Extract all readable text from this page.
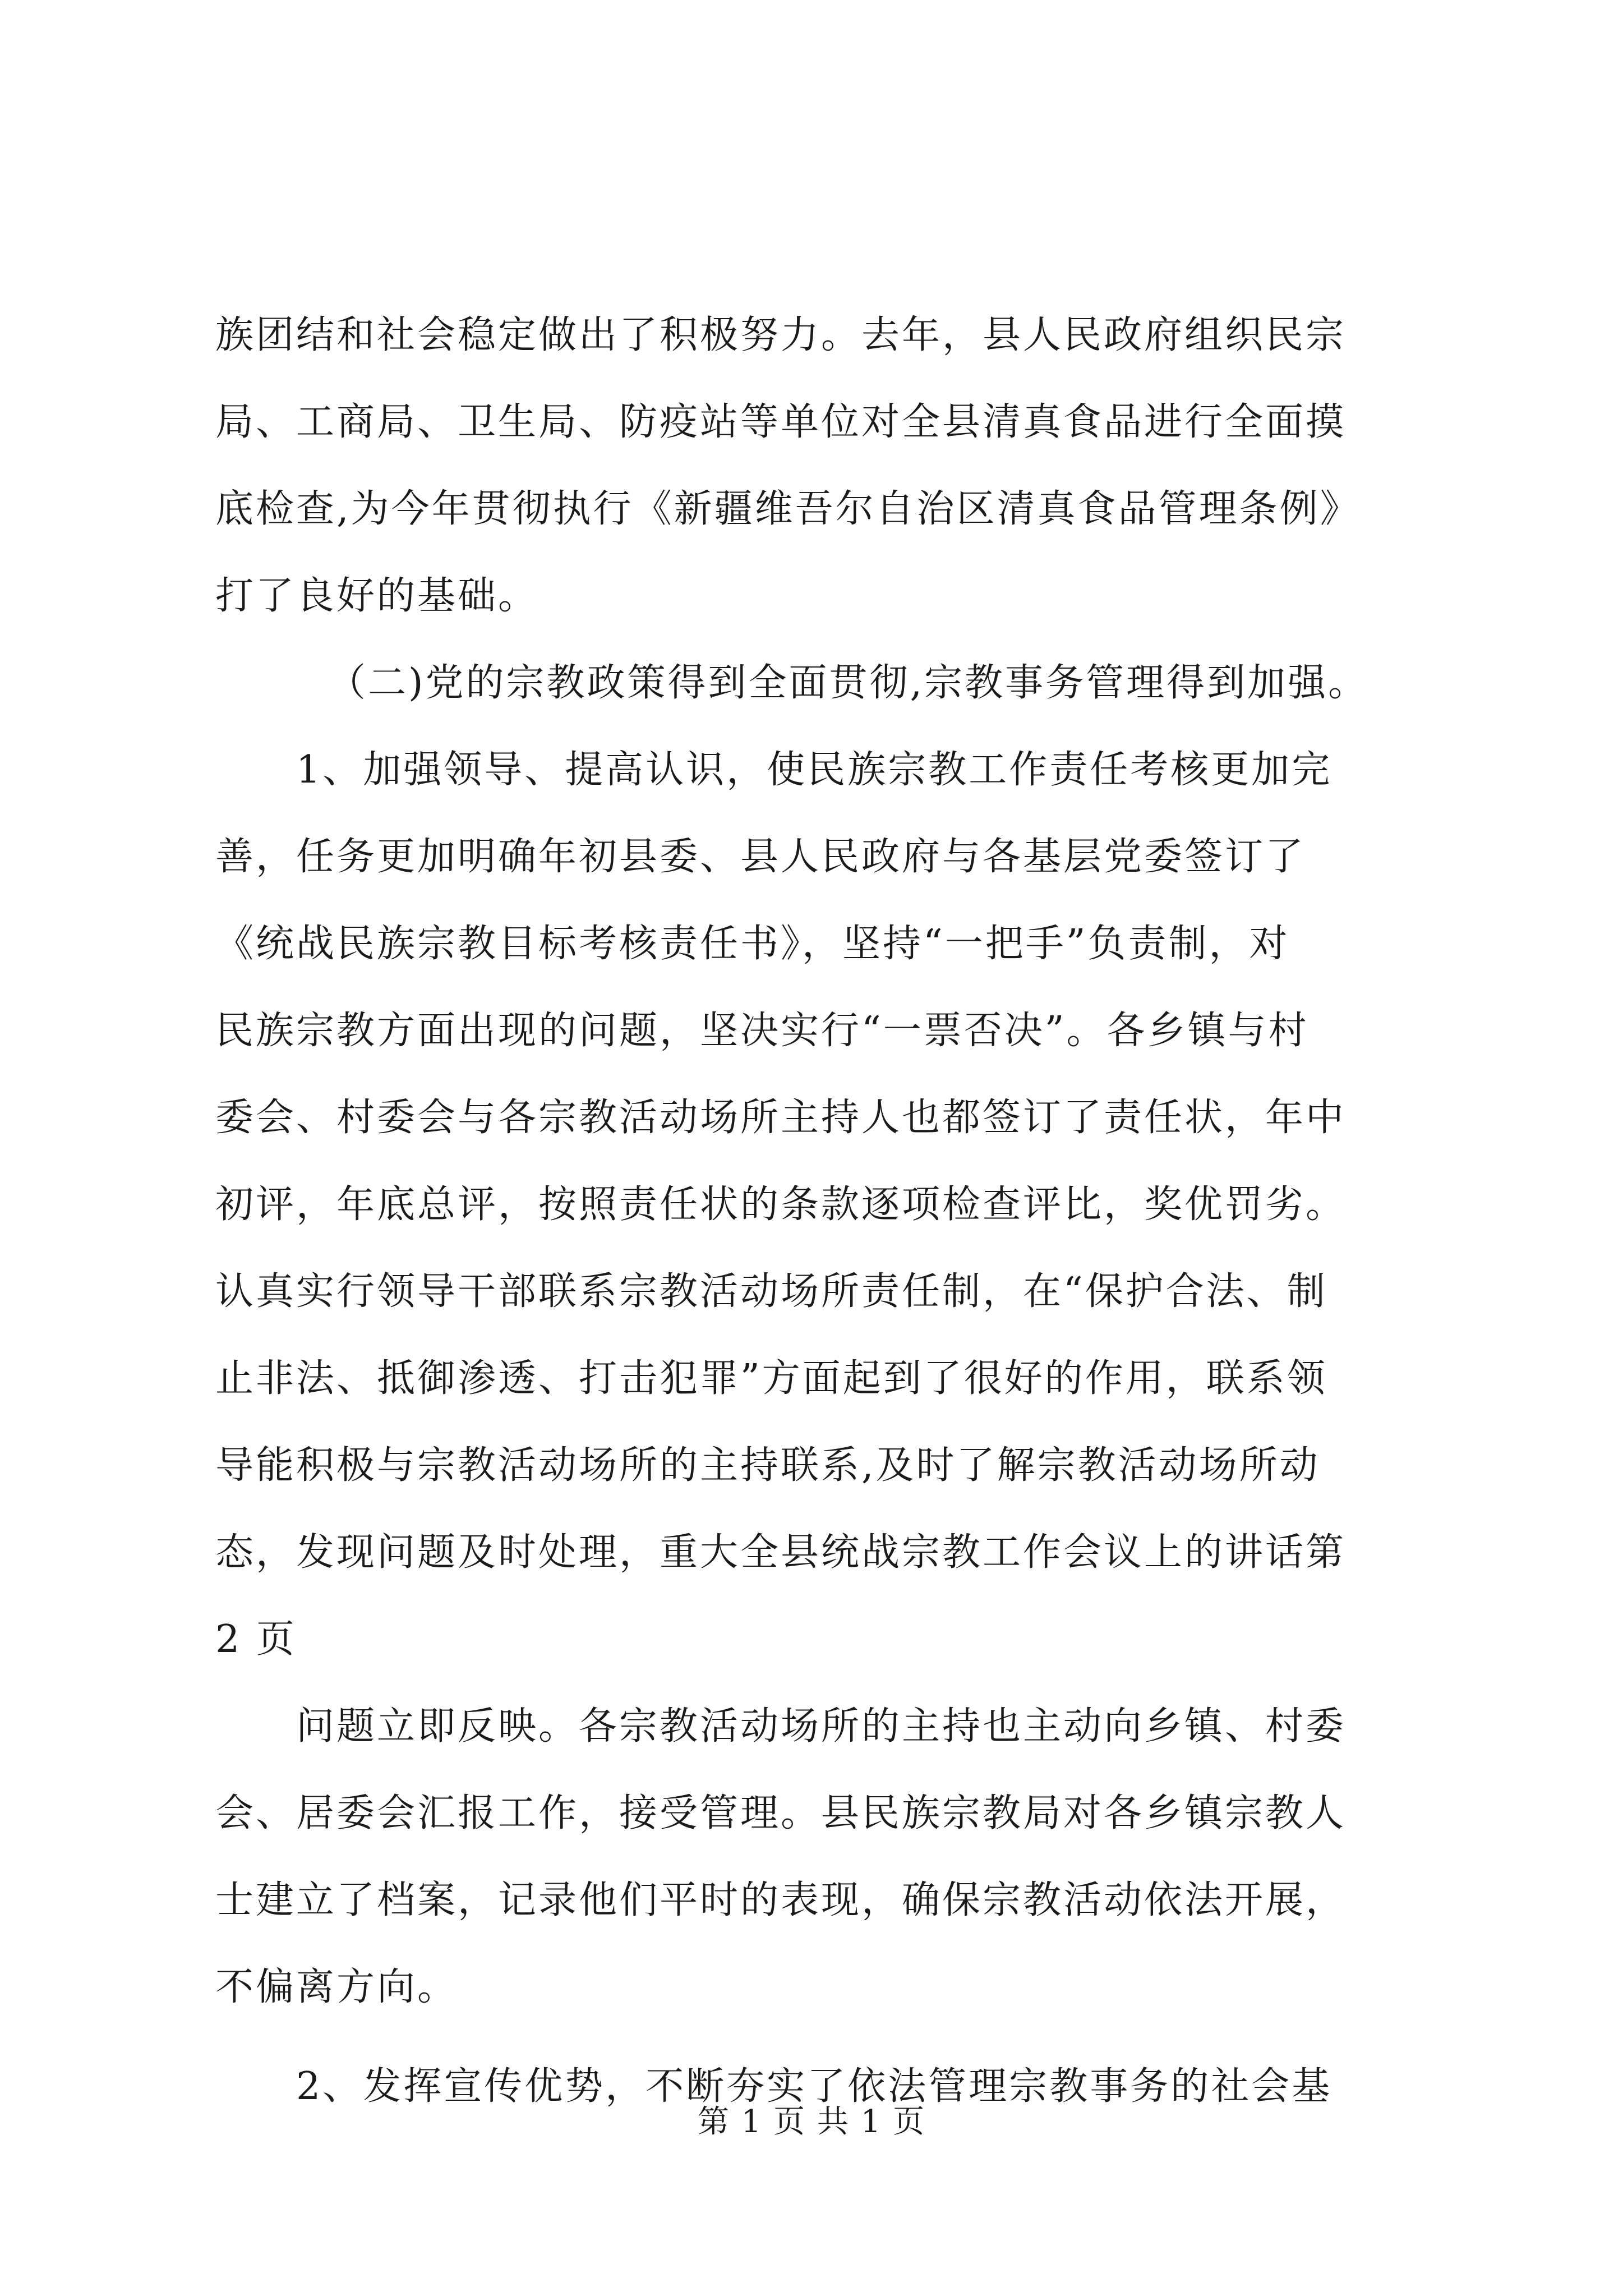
族团结和社会稳定做出了积极努力。去年，县人民政府组织民宗
局、工商局、卫生局、防疫站等单位对全县清真食品进行全面摸
底检查,为今年贯彻执行《新疆维吾尔自治区清真食品管理条例》
打了良好的基础。
（二)党的宗教政策得到全面贯彻,宗教事务管理得到加强。
1、加强领导、提高认识，使民族宗教工作责任考核更加完
善，任务更加明确年初县委、县人民政府与各基层党委签订了
《统战民族宗教目标考核责任书》，坚持“一把手”负责制，对
民族宗教方面出现的问题，坚决实行“一票否决”。各乡镇与村
委会、村委会与各宗教活动场所主持人也都签订了责任状，年中
初评，年底总评，按照责任状的条款逐项检查评比，奖优罚劣。
认真实行领导干部联系宗教活动场所责任制，在“保护合法、制
止非法、抵御渗透、打击犯罪”方面起到了很好的作用，联系领
导能积极与宗教活动场所的主持联系,及时了解宗教活动场所动
态，发现问题及时处理，重大全县统战宗教工作会议上的讲话第
2 页
问题立即反映。各宗教活动场所的主持也主动向乡镇、村委
会、居委会汇报工作，接受管理。县民族宗教局对各乡镇宗教人
士建立了档案，记录他们平时的表现，确保宗教活动依法开展，
不偏离方向。
2、发挥宣传优势，不断夯实了依法管理宗教事务的社会基
第 1 页 共 1 页
